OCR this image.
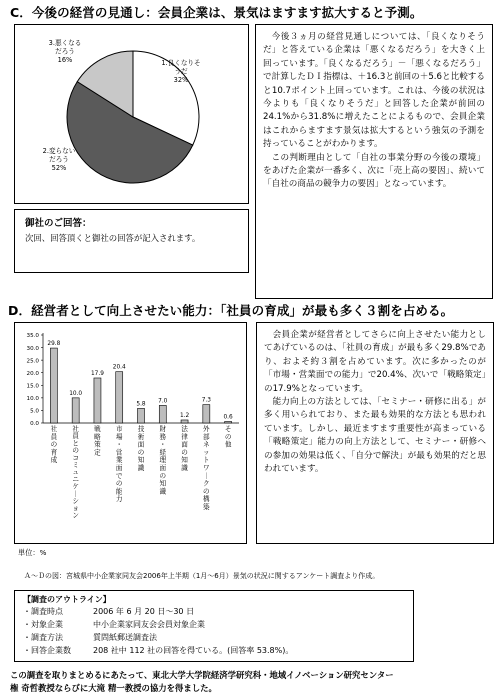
C．今後の経営の見通し：会員企業は、景気はますます拡大すると予測。
1.良くなりそうだ 32%
2.変らないだろう 52%
3.悪くなるだろう 16%

今後３ヵ月の経営見通しについては、「良くなりそうだ」と答えている企業は「悪くなるだろう」を大きく上回っています。「良くなるだろう」－「悪くなるだろう」で計算したＤＩ指標は、＋16.3と前回の＋5.6と比較すると10.7ポイント上回っています。これは、今後の状況は今よりも「良くなりそうだ」と回答した企業が前回の24.1%から31.8%に増えたことによるもので、会員企業はこれからますます景気は拡大するという強気の予測を持っていることがわかります。

この判断理由として「自社の事業分野の今後の環境」をあげた企業が一番多く、次に「売上高の要因」、続いて「自社の商品の競争力の要因」となっています。

御社のご回答：
次回、回答頂くと御社の回答が記入されます。
D．経営者として向上させたい能力：「社員の育成」が最も多く３割を占める。
0.0
5.0
10.0
15.0
20.0
25.0
30.0
35.0
29.8
10.0
17.9
20.4
5.8
7.0
1.2
7.3
0.6
社員の育成
社員とのコミュニケ｜ション
戦略策定
市場・営業面での能力
技術面の知識
財務・経理面の知識
法律面の知識
外部ネットワ｜クの構築
その他
単位：%

会員企業が経営者としてさらに向上させたい能力としてあげているのは、「社員の育成」が最も多く29.8%であり、およそ約３割を占めています。次に多かったのが「市場・営業面での能力」で20.4%、次いで「戦略策定」の17.9%となっています。

能力向上の方法としては、「セミナー・研修に出る」が多く用いられており、また最も効果的な方法とも思われています。しかし、最近ますます重要性が高まっている「戦略策定」能力の向上方法として、セミナー・研修への参加の効果は低く、「自分で解決」が最も効果的だと思われています。

Ａ～Ｄの図：宮城県中小企業家同友会2006年上半期（1月～6月）景気の状況に関するアンケート調査より作成。
【調査のアウトライン】
・調査時点	2006 年 6 月 20 日～30 日
・対象企業	中小企業家同友会会員対象企業
・調査方法	質問紙郵送調査法
・回答企業数	208 社中 112 社の回答を得ている。(回答率 53.8%)。
この調査を取りまとめるにあたって、東北大学大学院経済学研究科・地域イノベーション研究センター
権 奇哲教授ならびに大滝 精一教授の協力を得ました。
